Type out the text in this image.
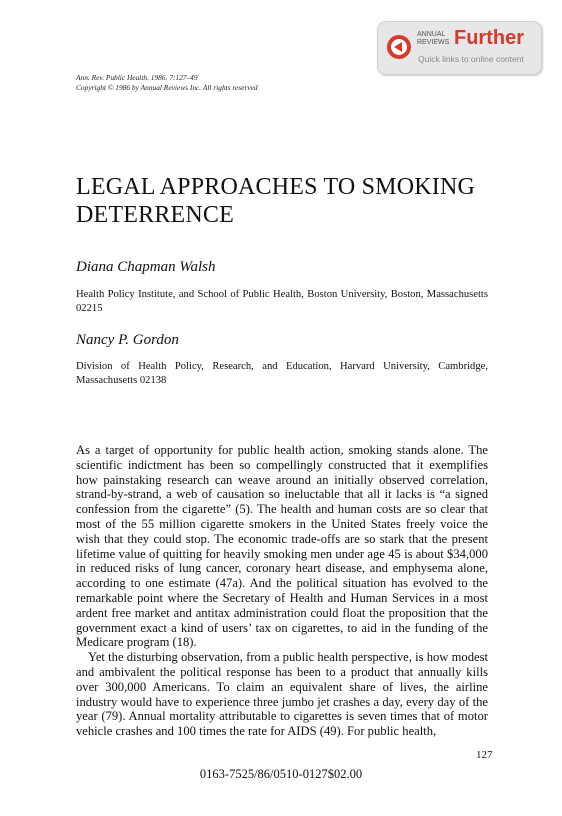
Ann. Rev. Public Health. 1986. 7:127–49
Copyright © 1986 by Annual Reviews Inc. All rights reserved
ANNUAL
REVIEWS Further
Quick links to online content
LEGAL APPROACHES TO SMOKING
DETERRENCE
Diana Chapman Walsh
Health Policy Institute, and School of Public Health, Boston University, Boston, Massachusetts 02215
Nancy P. Gordon
Division of Health Policy, Research, and Education, Harvard University, Cambridge, Massachusetts 02138

As a target of opportunity for public health action, smoking stands alone. The scientific indictment has been so compellingly constructed that it exemplifies how painstaking research can weave around an initially observed correlation, strand-by-strand, a web of causation so ineluctable that all it lacks is “a signed confession from the cigarette” (5). The health and human costs are so clear that most of the 55 million cigarette smokers in the United States freely voice the wish that they could stop. The economic trade-offs are so stark that the present lifetime value of quitting for heavily smoking men under age 45 is about $34,000 in reduced risks of lung cancer, coronary heart disease, and emphysema alone, according to one estimate (47a). And the political situation has evolved to the remarkable point where the Secretary of Health and Human Services in a most ardent free market and antitax administration could float the proposition that the government exact a kind of users’ tax on cigarettes, to aid in the funding of the Medicare program (18).

Yet the disturbing observation, from a public health perspective, is how modest and ambivalent the political response has been to a product that annually kills over 300,000 Americans. To claim an equivalent share of lives, the airline industry would have to experience three jumbo jet crashes a day, every day of the year (79). Annual mortality attributable to cigarettes is seven times that of motor vehicle crashes and 100 times the rate for AIDS (49). For public health,

127
0163-7525/86/0510-0127$02.00
